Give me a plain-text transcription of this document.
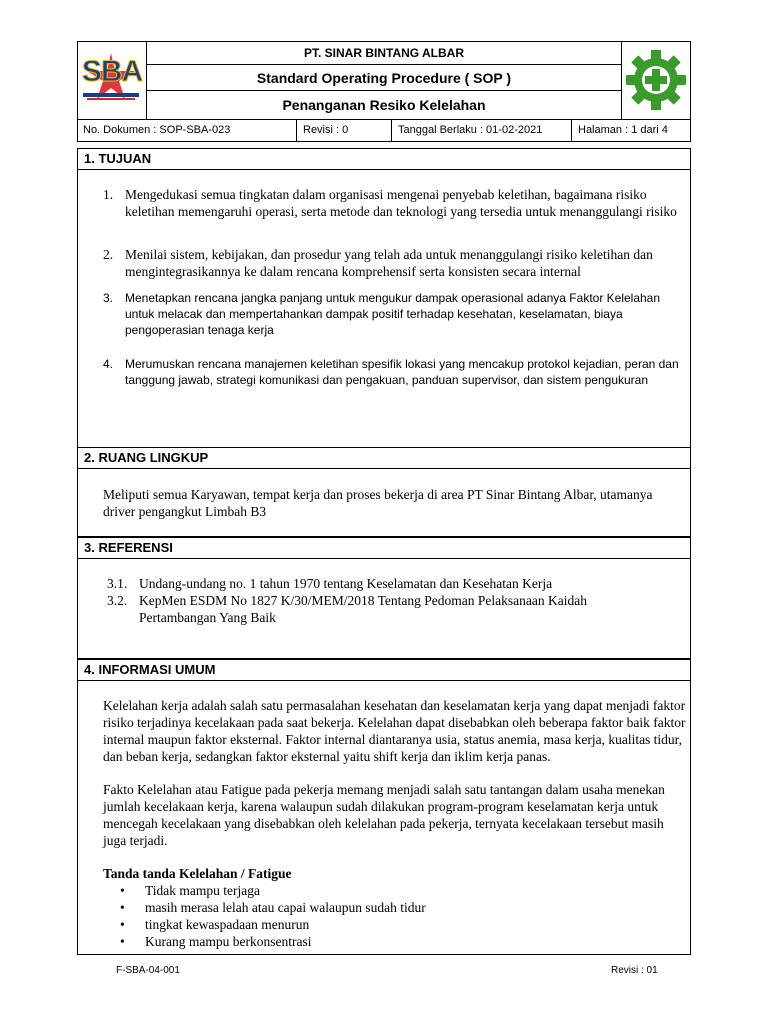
SBA
PT. SINAR BINTANG ALBAR
Standard Operating Procedure ( SOP )
Penanganan Resiko Kelelahan
No. Dokumen : SOP-SBA-023	Revisi : 0	Tanggal Berlaku : 01-02-2021	Halaman : 1 dari 4
1. TUJUAN
1. Mengedukasi semua tingkatan dalam organisasi mengenai penyebab keletihan, bagaimana risiko keletihan memengaruhi operasi, serta metode dan teknologi yang tersedia untuk menanggulangi risiko
2. Menilai sistem, kebijakan, dan prosedur yang telah ada untuk menanggulangi risiko keletihan dan mengintegrasikannya ke dalam rencana komprehensif serta konsisten secara internal
3. Menetapkan rencana jangka panjang untuk mengukur dampak operasional adanya Faktor Kelelahan untuk melacak dan mempertahankan dampak positif terhadap kesehatan, keselamatan, biaya pengoperasian tenaga kerja
4. Merumuskan rencana manajemen keletihan spesifik lokasi yang mencakup protokol kejadian, peran dan tanggung jawab, strategi komunikasi dan pengakuan, panduan supervisor, dan sistem pengukuran
2. RUANG LINGKUP
Meliputi semua Karyawan, tempat kerja dan proses bekerja di area PT Sinar Bintang Albar, utamanya driver pengangkut Limbah B3
3. REFERENSI
3.1. Undang-undang no. 1 tahun 1970 tentang Keselamatan dan Kesehatan Kerja
3.2. KepMen ESDM No 1827 K/30/MEM/2018 Tentang Pedoman Pelaksanaan Kaidah Pertambangan Yang Baik
4. INFORMASI UMUM
Kelelahan kerja adalah salah satu permasalahan kesehatan dan keselamatan kerja yang dapat menjadi faktor risiko terjadinya kecelakaan pada saat bekerja. Kelelahan dapat disebabkan oleh beberapa faktor baik faktor internal maupun faktor eksternal. Faktor internal diantaranya usia, status anemia, masa kerja, kualitas tidur, dan beban kerja, sedangkan faktor eksternal yaitu shift kerja dan iklim kerja panas.
Fakto Kelelahan atau Fatigue pada pekerja memang menjadi salah satu tantangan dalam usaha menekan jumlah kecelakaan kerja, karena walaupun sudah dilakukan program-program keselamatan kerja untuk mencegah kecelakaan yang disebabkan oleh kelelahan pada pekerja, ternyata kecelakaan tersebut masih juga terjadi.
Tanda tanda Kelelahan / Fatigue
• Tidak mampu terjaga
• masih merasa lelah atau capai walaupun sudah tidur
• tingkat kewaspadaan menurun
• Kurang mampu berkonsentrasi
F-SBA-04-001	Revisi : 01
